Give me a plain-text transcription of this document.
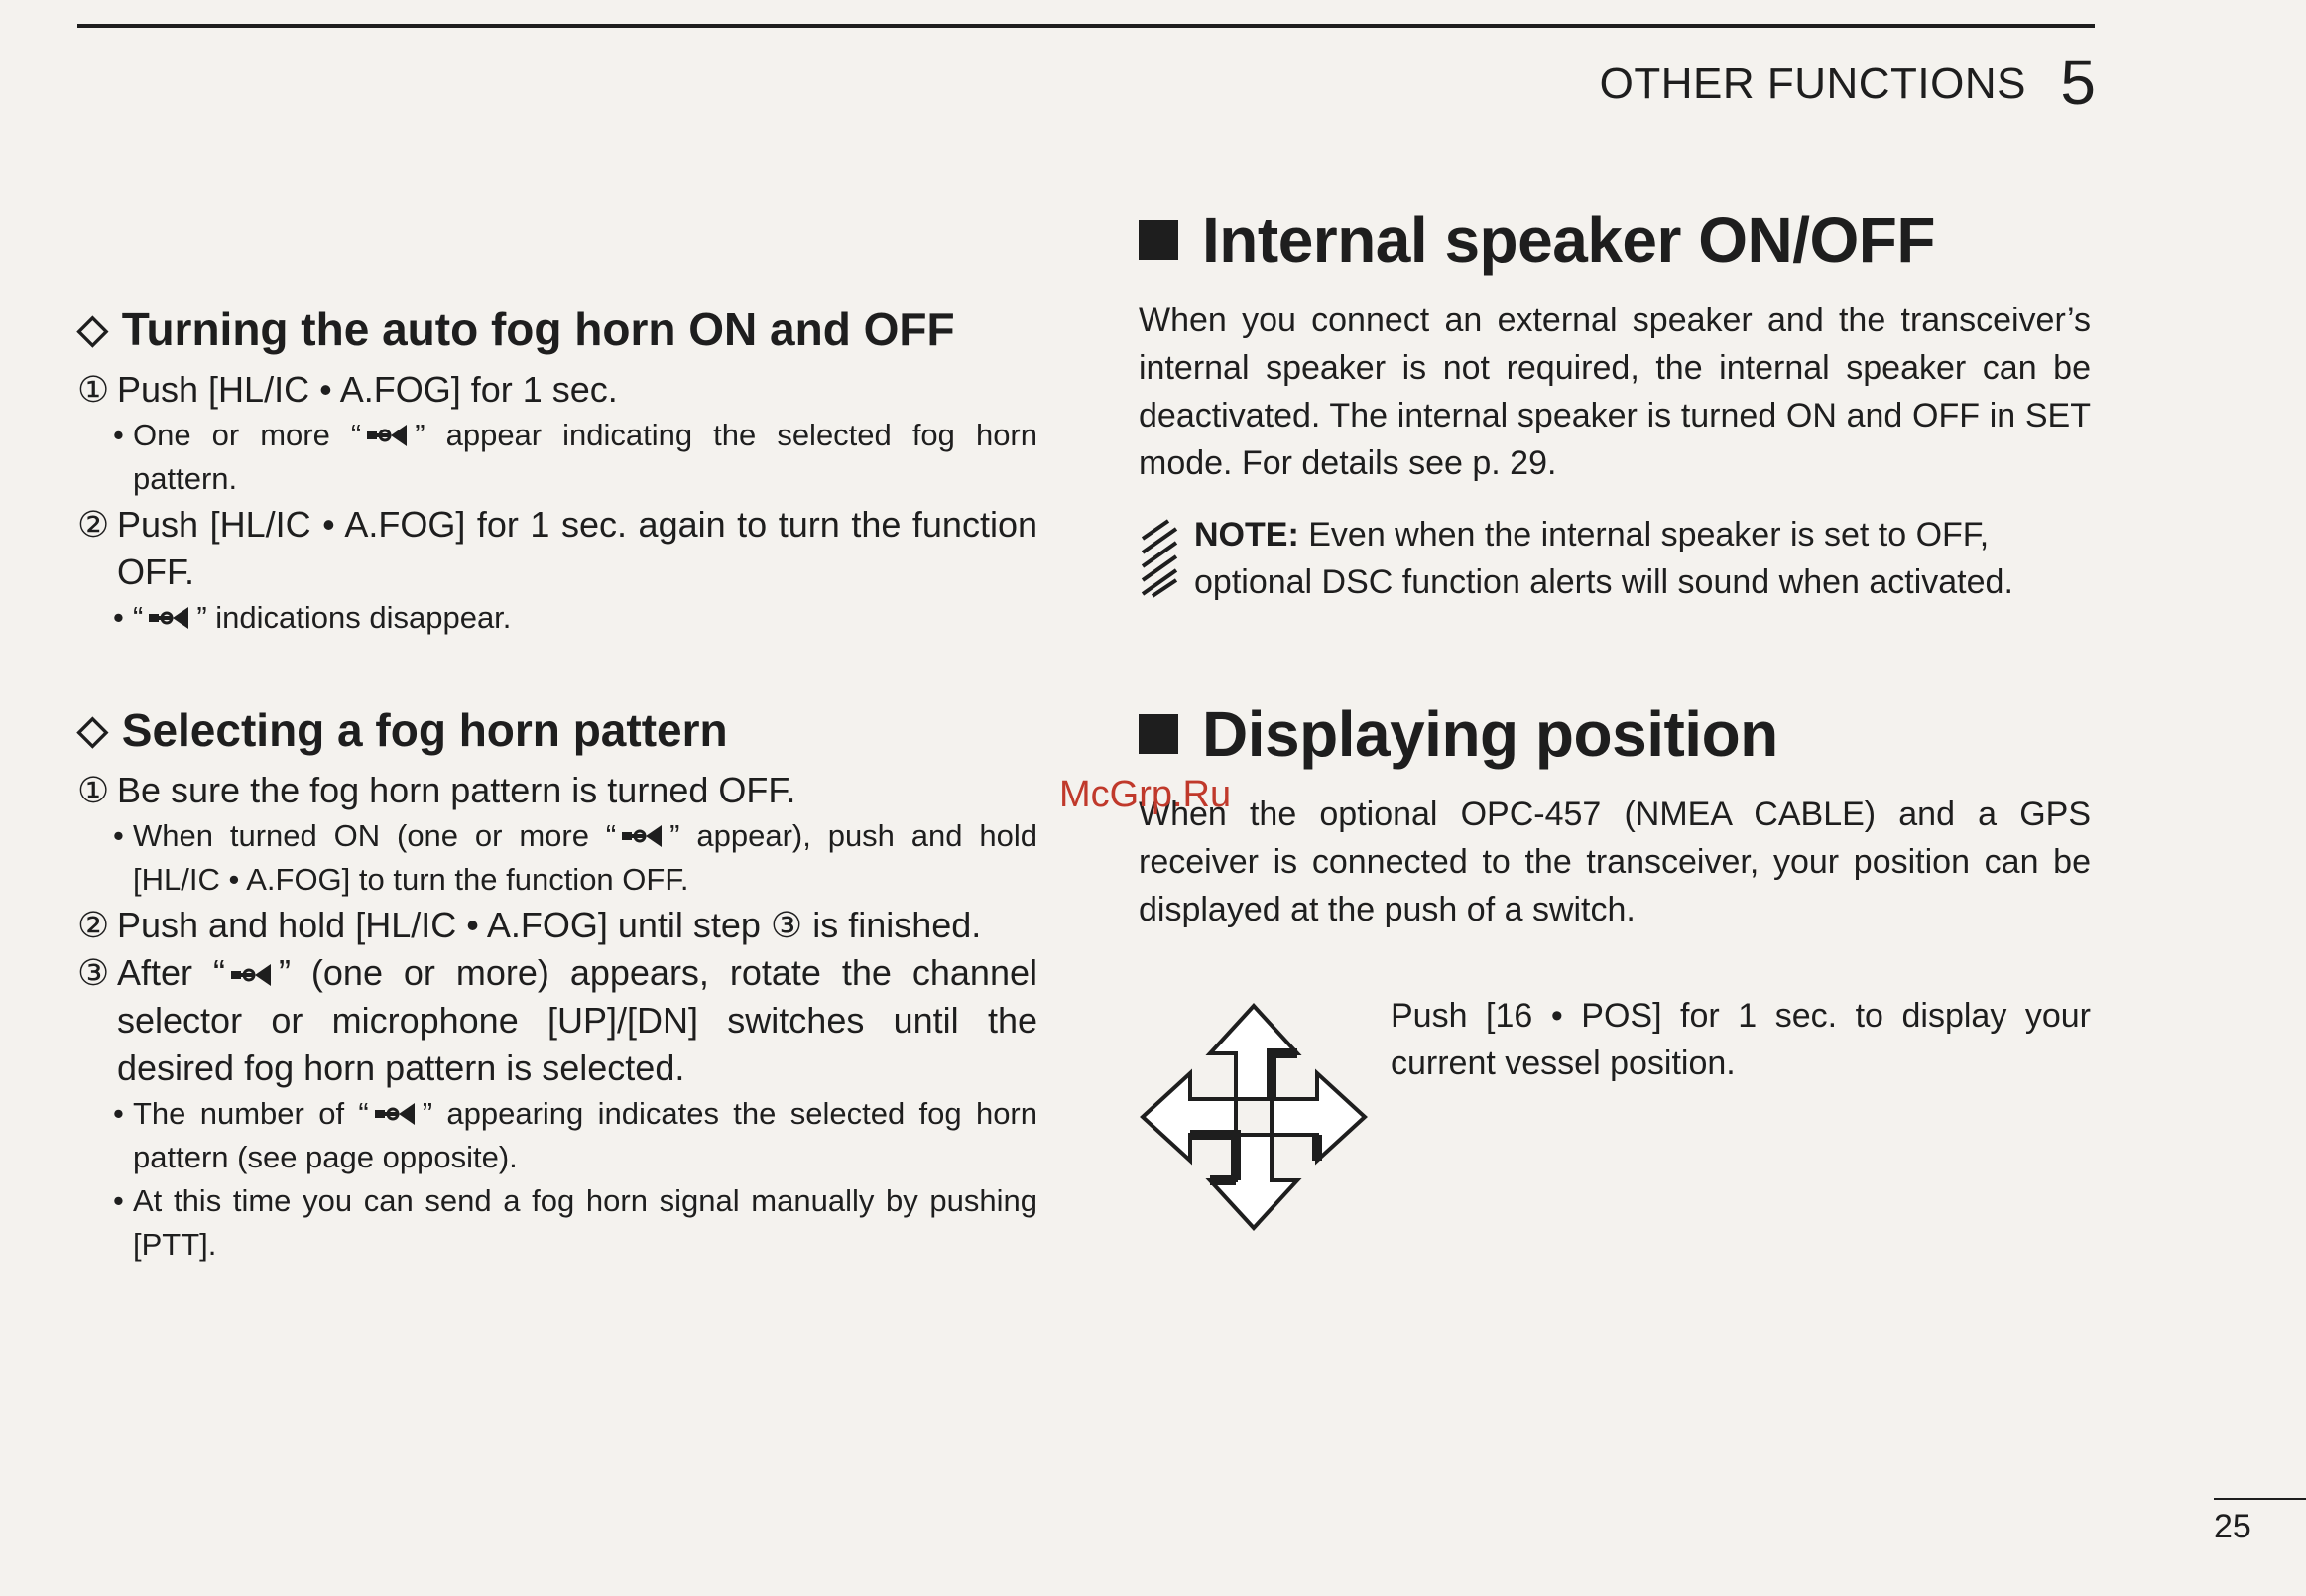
OTHER FUNCTIONS 5
◇ Turning the auto fog horn ON and OFF
① Push [HL/IC • A.FOG] for 1 sec.
• One or more “ ” appear indicating the selected fog horn pattern.
② Push [HL/IC • A.FOG] for 1 sec. again to turn the function OFF.
• “ ” indications disappear.
◇ Selecting a fog horn pattern
① Be sure the fog horn pattern is turned OFF.
• When turned ON (one or more “ ” appear), push and hold [HL/IC • A.FOG] to turn the function OFF.
② Push and hold [HL/IC • A.FOG] until step ③ is finished.
③ After “ ” (one or more) appears, rotate the channel selector or microphone [UP]/[DN] switches until the desired fog horn pattern is selected.
• The number of “ ” appearing indicates the selected fog horn pattern (see page opposite).
• At this time you can send a fog horn signal manually by pushing [PTT].
Internal speaker ON/OFF

When you connect an external speaker and the transceiver’s internal speaker is not required, the internal speaker can be deactivated. The internal speaker is turned ON and OFF in SET mode. For details see p. 29.

NOTE: Even when the internal speaker is set to OFF, optional DSC function alerts will sound when activated.
Displaying position

When the optional OPC-457 (NMEA CABLE) and a GPS receiver is connected to the transceiver, your position can be displayed at the push of a switch.

McGrp.Ru
Push [16 • POS] for 1 sec. to display your current vessel position.
25
